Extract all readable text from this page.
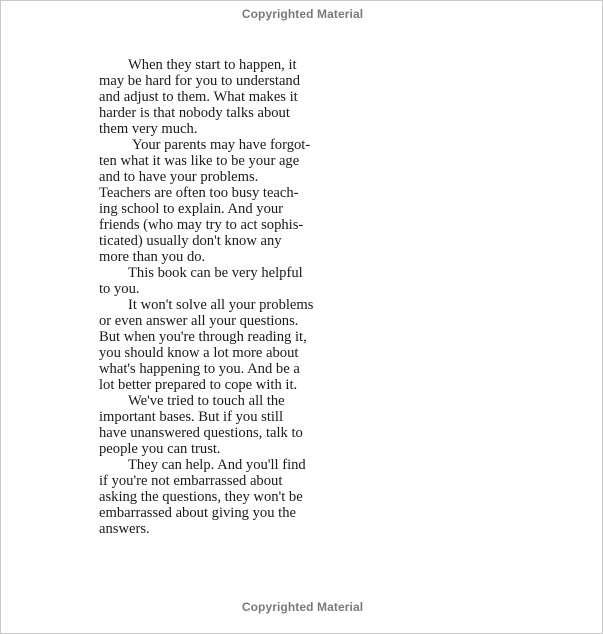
Copyrighted Material
When they start to happen, it
may be hard for you to understand
and adjust to them. What makes it
harder is that nobody talks about
them very much.
Your parents may have forgot-
ten what it was like to be your age
and to have your problems.
Teachers are often too busy teach-
ing school to explain. And your
friends (who may try to act sophis-
ticated) usually don't know any
more than you do.
This book can be very helpful
to you.
It won't solve all your problems
or even answer all your questions.
But when you're through reading it,
you should know a lot more about
what's happening to you. And be a
lot better prepared to cope with it.
We've tried to touch all the
important bases. But if you still
have unanswered questions, talk to
people you can trust.
They can help. And you'll find
if you're not embarrassed about
asking the questions, they won't be
embarrassed about giving you the
answers.
Copyrighted Material
